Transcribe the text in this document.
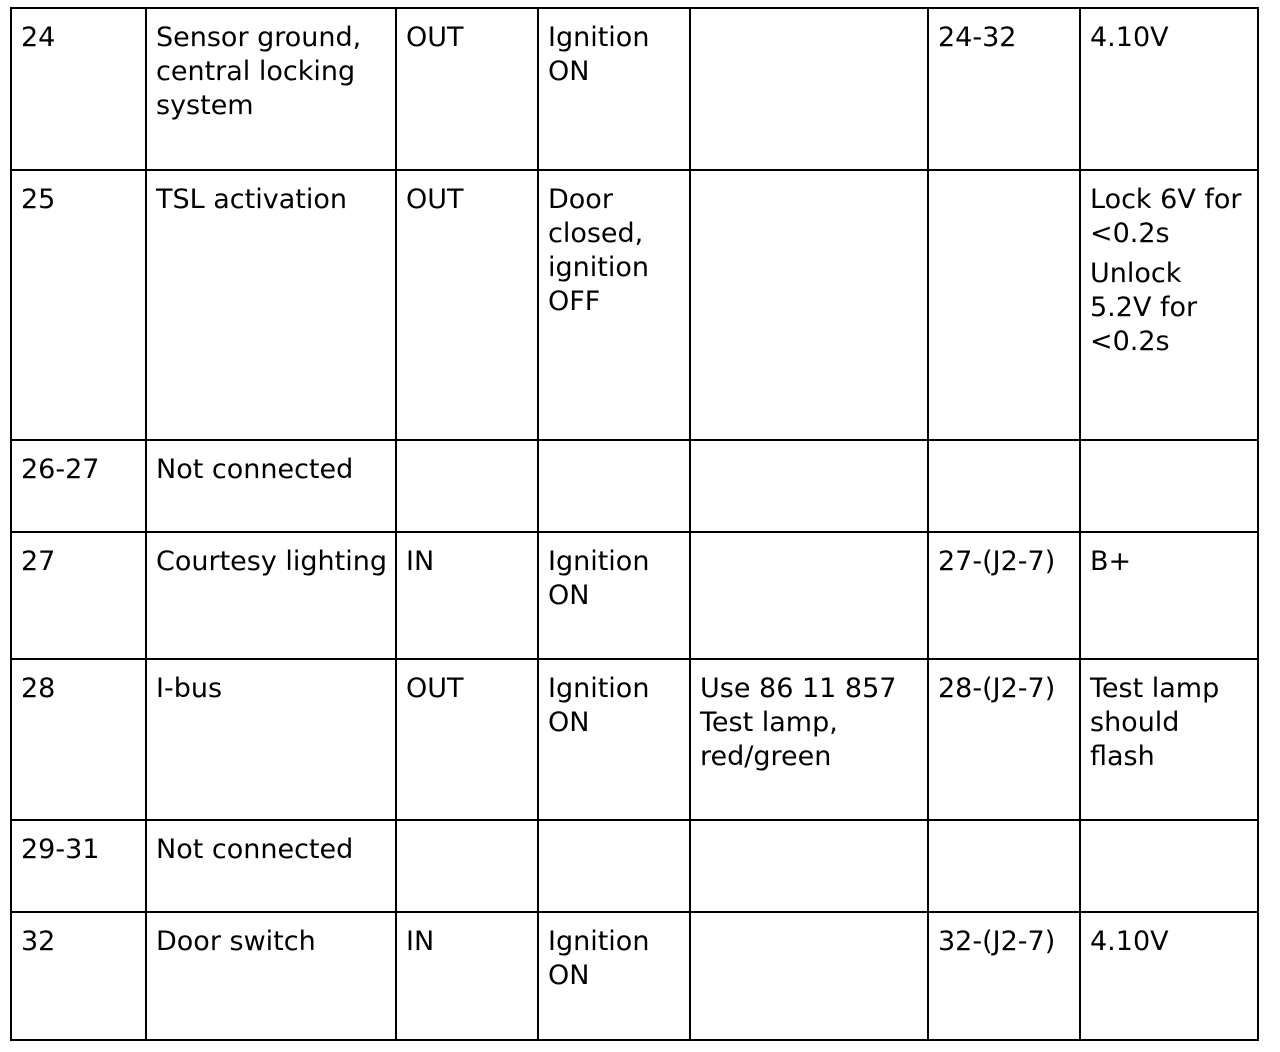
24	Sensor ground, central locking system	OUT	Ignition ON		24-32	4.10V

25	TSL activation	OUT	Door closed, ignition OFF			Lock 6V for <0.2s
Unlock 5.2V for <0.2s

26-27	Not connected					

27	Courtesy lighting	IN	Ignition ON		27-(J2-7)	B+

28	I-bus	OUT	Ignition ON	Use 86 11 857 Test lamp, red/green	28-(J2-7)	Test lamp should flash

29-31	Not connected					

32	Door switch	IN	Ignition ON		32-(J2-7)	4.10V
